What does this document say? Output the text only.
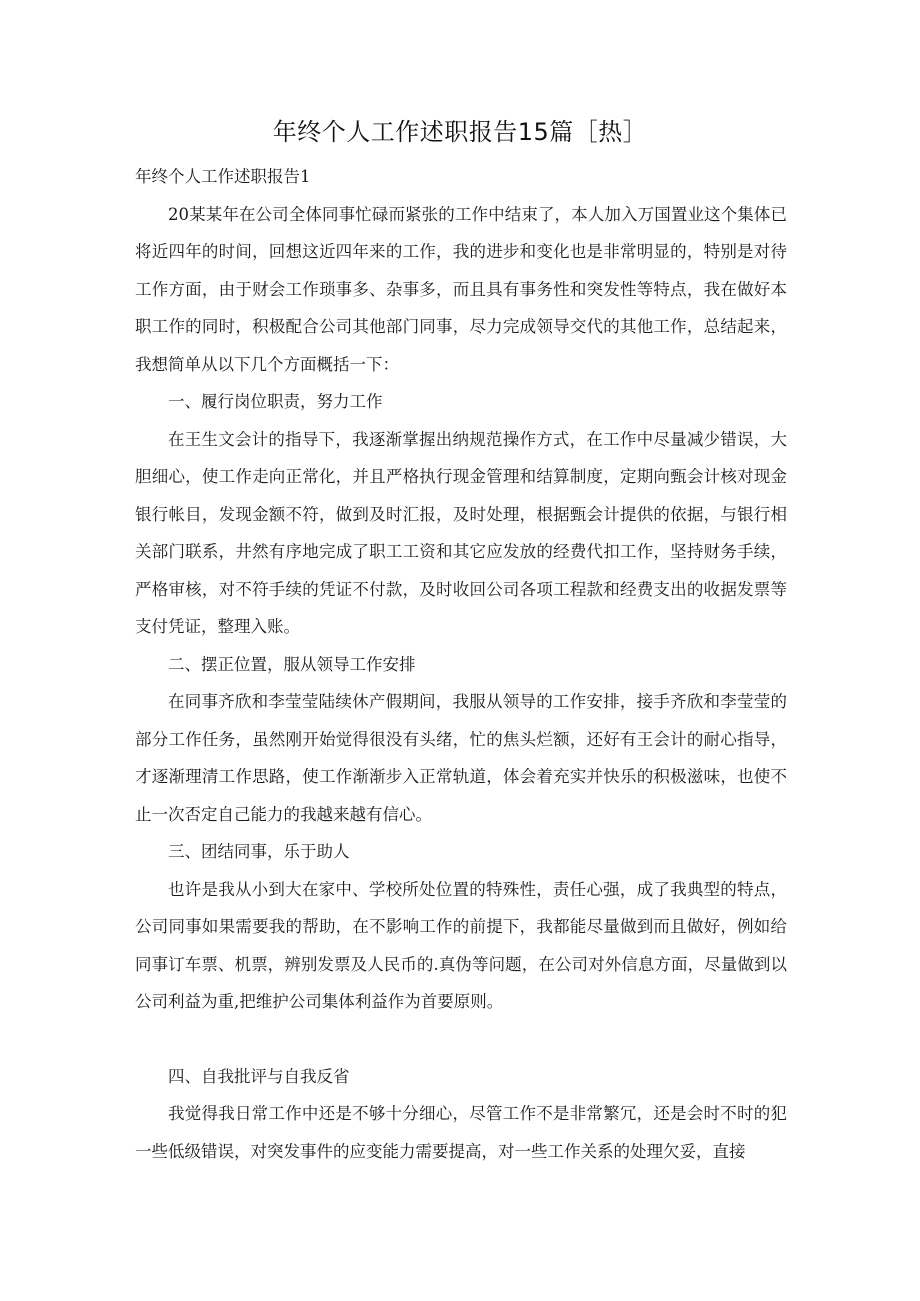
年终个人工作述职报告15篇［热］

年终个人工作述职报告1

20某某年在公司全体同事忙碌而紧张的工作中结束了，本人加入万国置业这个集体已将近四年的时间，回想这近四年来的工作，我的进步和变化也是非常明显的，特别是对待工作方面，由于财会工作琐事多、杂事多，而且具有事务性和突发性等特点，我在做好本职工作的同时，积极配合公司其他部门同事，尽力完成领导交代的其他工作，总结起来，我想简单从以下几个方面概括一下：

一、履行岗位职责，努力工作

在王生文会计的指导下，我逐渐掌握出纳规范操作方式，在工作中尽量减少错误，大胆细心，使工作走向正常化，并且严格执行现金管理和结算制度，定期向甄会计核对现金银行帐目，发现金额不符，做到及时汇报，及时处理，根据甄会计提供的依据，与银行相关部门联系，井然有序地完成了职工工资和其它应发放的经费代扣工作，坚持财务手续，严格审核，对不符手续的凭证不付款，及时收回公司各项工程款和经费支出的收据发票等支付凭证，整理入账。

二、摆正位置，服从领导工作安排

在同事齐欣和李莹莹陆续休产假期间，我服从领导的工作安排，接手齐欣和李莹莹的部分工作任务，虽然刚开始觉得很没有头绪，忙的焦头烂额，还好有王会计的耐心指导，才逐渐理清工作思路，使工作渐渐步入正常轨道，体会着充实并快乐的积极滋味，也使不止一次否定自己能力的我越来越有信心。

三、团结同事，乐于助人

也许是我从小到大在家中、学校所处位置的特殊性，责任心强，成了我典型的特点，公司同事如果需要我的帮助，在不影响工作的前提下，我都能尽量做到而且做好，例如给同事订车票、机票，辨别发票及人民币的.真伪等问题，在公司对外信息方面，尽量做到以公司利益为重,把维护公司集体利益作为首要原则。

四、自我批评与自我反省

我觉得我日常工作中还是不够十分细心，尽管工作不是非常繁冗，还是会时不时的犯一些低级错误，对突发事件的应变能力需要提高，对一些工作关系的处理欠妥，直接
